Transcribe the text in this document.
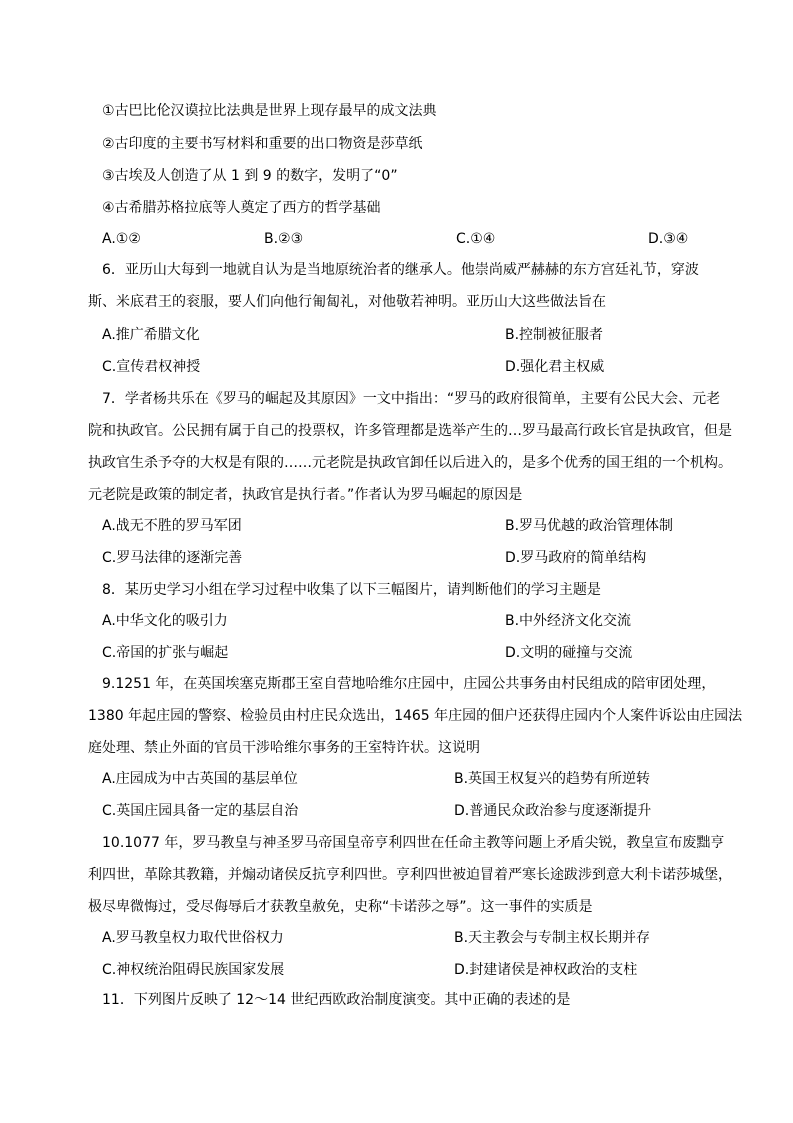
①古巴比伦汉谟拉比法典是世界上现存最早的成文法典
②古印度的主要书写材料和重要的出口物资是莎草纸
③古埃及人创造了从 1 到 9 的数字，发明了“0”
④古希腊苏格拉底等人奠定了西方的哲学基础
A.①②	B.②③	C.①④	D.③④
6．亚历山大每到一地就自认为是当地原统治者的继承人。他崇尚威严赫赫的东方宫廷礼节，穿波
斯、米底君王的衮服，要人们向他行匍匐礼，对他敬若神明。亚历山大这些做法旨在
A.推广希腊文化	B.控制被征服者
C.宣传君权神授	D.强化君主权威
7．学者杨共乐在《罗马的崛起及其原因》一文中指出：“罗马的政府很简单，主要有公民大会、元老
院和执政官。公民拥有属于自己的投票权，许多管理都是选举产生的…罗马最高行政长官是执政官，但是
执政官生杀予夺的大权是有限的……元老院是执政官卸任以后进入的，是多个优秀的国王组的一个机构。
元老院是政策的制定者，执政官是执行者。”作者认为罗马崛起的原因是
A.战无不胜的罗马军团	B.罗马优越的政治管理体制
C.罗马法律的逐渐完善	D.罗马政府的简单结构
8．某历史学习小组在学习过程中收集了以下三幅图片，请判断他们的学习主题是
A.中华文化的吸引力	B.中外经济文化交流
C.帝国的扩张与崛起	D.文明的碰撞与交流
9.1251 年，在英国埃塞克斯郡王室自营地哈维尔庄园中，庄园公共事务由村民组成的陪审团处理，
1380 年起庄园的警察、检验员由村庄民众选出，1465 年庄园的佃户还获得庄园内个人案件诉讼由庄园法
庭处理、禁止外面的官员干涉哈维尔事务的王室特许状。这说明
A.庄园成为中古英国的基层单位	B.英国王权复兴的趋势有所逆转
C.英国庄园具备一定的基层自治	D.普通民众政治参与度逐渐提升
10.1077 年，罗马教皇与神圣罗马帝国皇帝亨利四世在任命主教等问题上矛盾尖锐，教皇宣布废黜亨
利四世，革除其教籍，并煽动诸侯反抗亨利四世。亨利四世被迫冒着严寒长途跋涉到意大利卡诺莎城堡，
极尽卑微悔过，受尽侮辱后才获教皇赦免，史称“卡诺莎之辱”。这一事件的实质是
A.罗马教皇权力取代世俗权力	B.天主教会与专制主权长期并存
C.神权统治阻碍民族国家发展	D.封建诸侯是神权政治的支柱
11．下列图片反映了 12～14 世纪西欧政治制度演变。其中正确的表述的是
